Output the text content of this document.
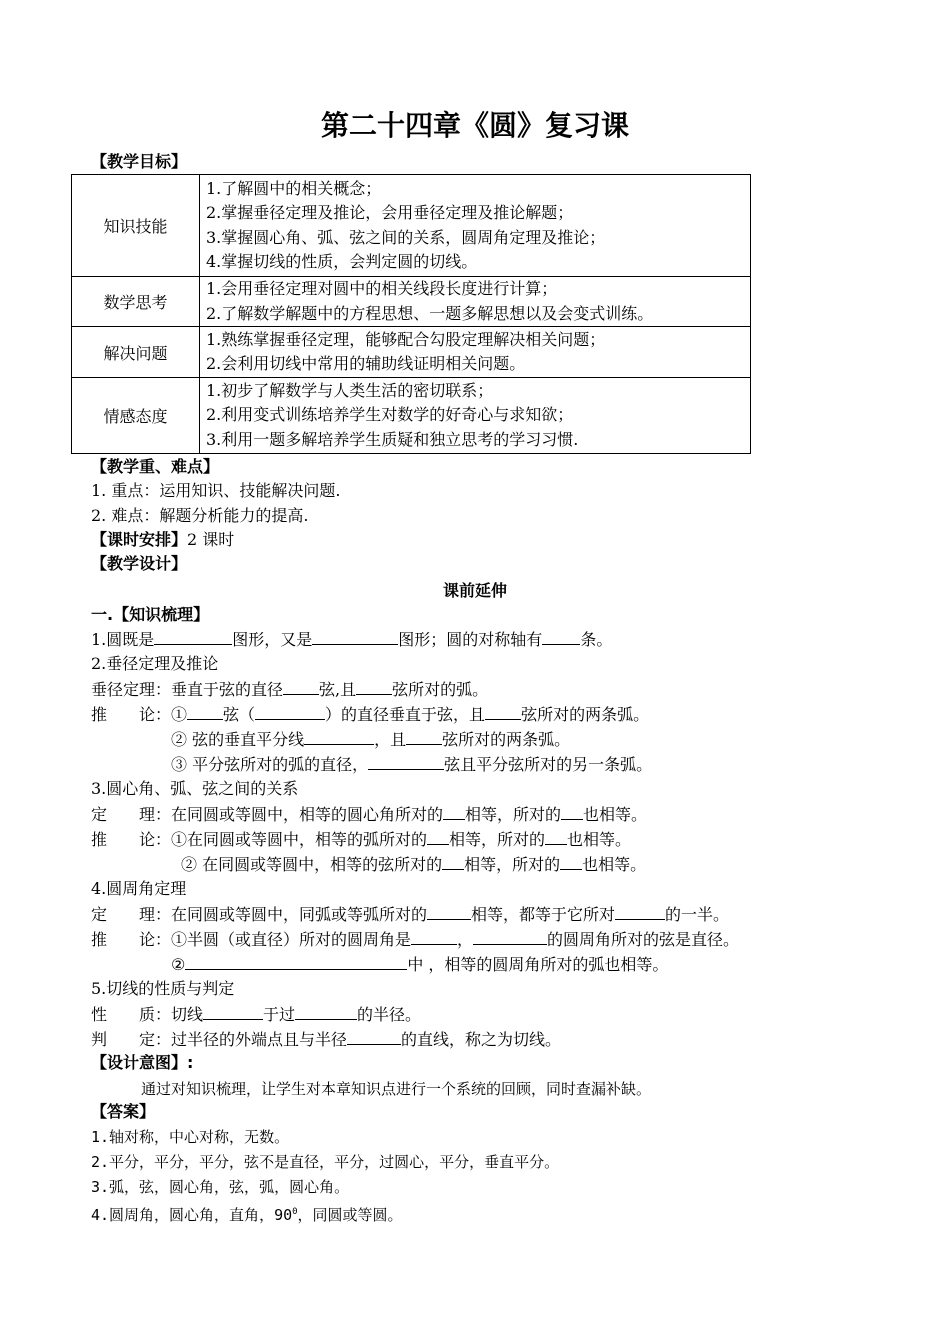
第二十四章《圆》复习课
【教学目标】
知识技能	1.了解圆中的相关概念；
2.掌握垂径定理及推论，会用垂径定理及推论解题；
3.掌握圆心角、弧、弦之间的关系，圆周角定理及推论；
4.掌握切线的性质，会判定圆的切线。

数学思考	1.会用垂径定理对圆中的相关线段长度进行计算；
2.了解数学解题中的方程思想、一题多解思想以及会变式训练。

解决问题	1.熟练掌握垂径定理，能够配合勾股定理解决相关问题；
2.会利用切线中常用的辅助线证明相关问题。

情感态度	1.初步了解数学与人类生活的密切联系；
2.利用变式训练培养学生对数学的好奇心与求知欲；
3.利用一题多解培养学生质疑和独立思考的学习习惯.
【教学重、难点】
1. 重点：运用知识、技能解决问题.
2. 难点：解题分析能力的提高.
【课时安排】2 课时
【教学设计】
课前延伸
一.【知识梳理】
1.圆既是	图形，又是	图形；圆的对称轴有 条。
2.垂径定理及推论
垂径定理：垂直于弦的直径 弦,且 弦所对的弧。
推　　论：① 弦（	）的直径垂直于弦，且 弦所对的两条弧。
② 弦的垂直平分线	，且 弦所对的两条弧。
③ 平分弦所对的弧的直径，	弦且平分弦所对的另一条弧。
3.圆心角、弧、弦之间的关系
定　　理：在同圆或等圆中，相等的圆心角所对的 相等，所对的 也相等。
推　　论：①在同圆或等圆中，相等的弧所对的 相等，所对的 也相等。
② 在同圆或等圆中，相等的弦所对的 相等，所对的 也相等。
4.圆周角定理
定　　理：在同圆或等圆中，同弧或等弧所对的	相等，都等于它所对	的一半。
推　　论：①半圆（或直径）所对的圆周角是	，	的圆周角所对的弦是直径。
②	中 ，相等的圆周角所对的弧也相等。
5.切线的性质与判定
性　　质：切线	于过	的半径。
判　　定：过半径的外端点且与半径	的直线，称之为切线。
【设计意图】:
通过对知识梳理，让学生对本章知识点进行一个系统的回顾，同时查漏补缺。
【答案】
1.轴对称，中心对称，无数。
2.平分，平分，平分，弦不是直径，平分，过圆心，平分，垂直平分。
3.弧，弦，圆心角，弦，弧，圆心角。
4.圆周角，圆心角，直角，$90^0$，同圆或等圆。
